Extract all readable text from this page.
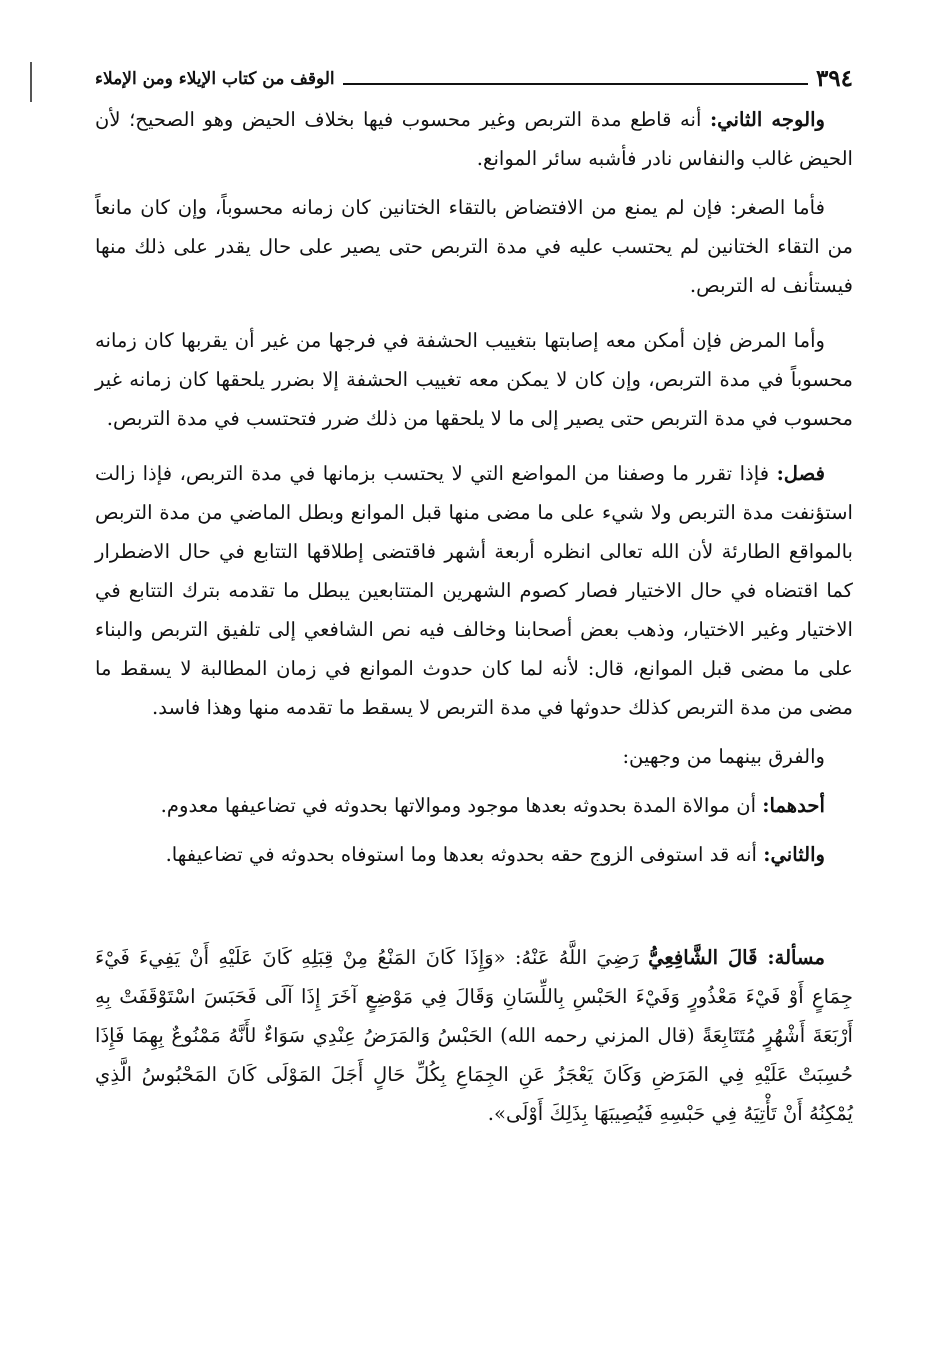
٣٩٤
الوقف من كتاب الإيلاء ومن الإملاء

والوجه الثاني: أنه قاطع مدة التربص وغير محسوب فيها بخلاف الحيض وهو الصحيح؛ لأن الحيض غالب والنفاس نادر فأشبه سائر الموانع.

فأما الصغر: فإن لم يمنع من الافتضاض بالتقاء الختانين كان زمانه محسوباً، وإن كان مانعاً من التقاء الختانين لم يحتسب عليه في مدة التربص حتى يصير على حال يقدر على ذلك منها فيستأنف له التربص.

وأما المرض فإن أمكن معه إصابتها بتغييب الحشفة في فرجها من غير أن يقربها كان زمانه محسوباً في مدة التربص، وإن كان لا يمكن معه تغييب الحشفة إلا بضرر يلحقها كان زمانه غير محسوب في مدة التربص حتى يصير إلى ما لا يلحقها من ذلك ضرر فتحتسب في مدة التربص.

فصل: فإذا تقرر ما وصفنا من المواضع التي لا يحتسب بزمانها في مدة التربص، فإذا زالت استؤنفت مدة التربص ولا شيء على ما مضى منها قبل الموانع وبطل الماضي من مدة التربص بالمواقع الطارئة لأن الله تعالى انظره أربعة أشهر فاقتضى إطلاقها التتابع في حال الاضطرار كما اقتضاه في حال الاختيار فصار كصوم الشهرين المتتابعين يبطل ما تقدمه بترك التتابع في الاختيار وغير الاختيار، وذهب بعض أصحابنا وخالف فيه نص الشافعي إلى تلفيق التربص والبناء على ما مضى قبل الموانع، قال: لأنه لما كان حدوث الموانع في زمان المطالبة لا يسقط ما مضى من مدة التربص كذلك حدوثها في مدة التربص لا يسقط ما تقدمه منها وهذا فاسد.

والفرق بينهما من وجهين:

أحدهما: أن موالاة المدة بحدوثه بعدها موجود وموالاتها بحدوثه في تضاعيفها معدوم.

والثاني: أنه قد استوفى الزوج حقه بحدوثه بعدها وما استوفاه بحدوثه في تضاعيفها.

مسألة: قَالَ الشَّافِعِيُّ رَضِيَ اللَّهُ عَنْهُ: «وَإِذَا كَانَ المَنْعُ مِنْ قِبَلِهِ كَانَ عَلَيْهِ أَنْ يَفِيءَ فَيْءَ جِمَاعٍ أَوْ فَيْءَ مَعْذُورٍ وَفَيْءَ الحَبْسِ بِاللِّسَانِ وَقَالَ فِي مَوْضِعٍ آخَرَ إِذَا آلَى فَحَبَسَ اسْتَوْقَفَتْ بِهِ أَرْبَعَةَ أَشْهُرٍ مُتَتَابِعَةً (قال المزني رحمه الله) الحَبْسُ وَالمَرَضُ عِنْدِي سَوَاءٌ لأَنَّهُ مَمْنُوعٌ بِهِمَا فَإِذَا حُسِبَتْ عَلَيْهِ فِي المَرَضِ وَكَانَ يَعْجَزُ عَنِ الجِمَاعِ بِكُلِّ حَالٍ أَجَلَ المَوْلَى كَانَ المَحْبُوسُ الَّذِي يُمْكِنُهُ أَنْ تَأْتِيَهُ فِي حَبْسِهِ فَيُصِيبَهَا بِذَلِكَ أَوْلَى».
